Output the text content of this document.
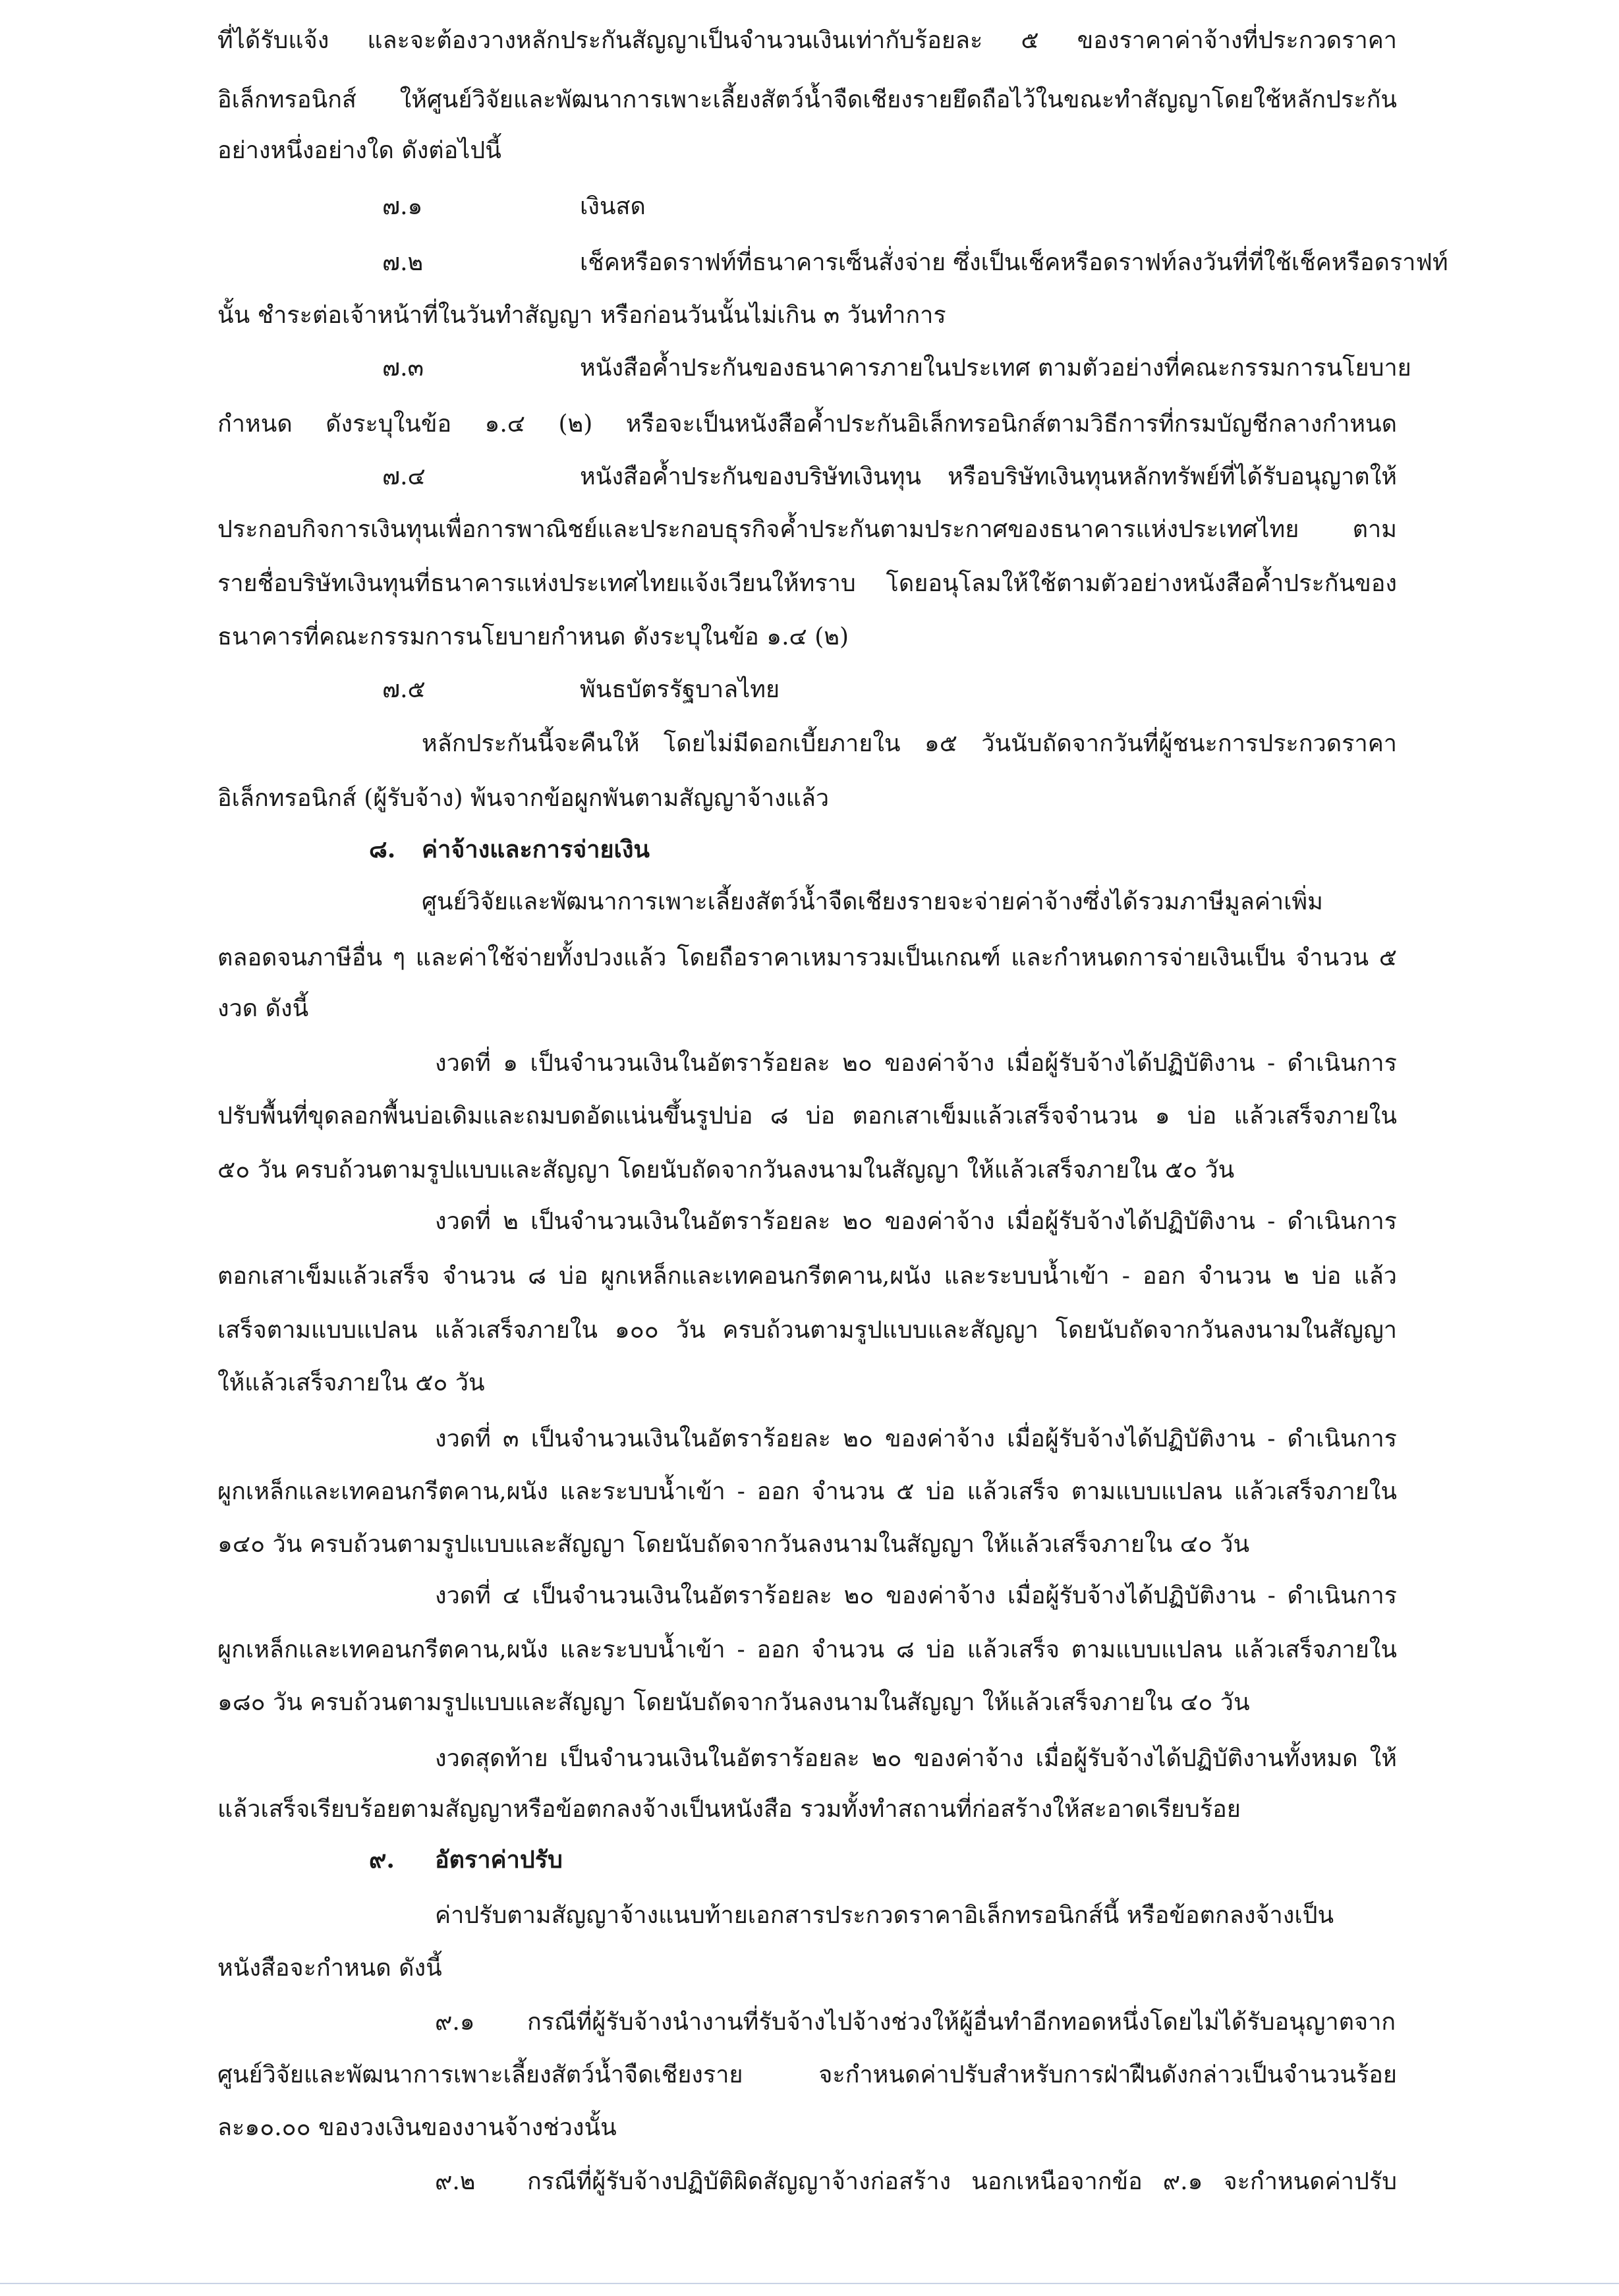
ที่ได้รับแจ้ง และจะต้องวางหลักประกันสัญญาเป็นจำนวนเงินเท่ากับร้อยละ ๕ ของราคาค่าจ้างที่ประกวดราคา
อิเล็กทรอนิกส์ ให้ศูนย์วิจัยและพัฒนาการเพาะเลี้ยงสัตว์น้ำจืดเชียงรายยึดถือไว้ในขณะทำสัญญาโดยใช้หลักประกัน
อย่างหนึ่งอย่างใด ดังต่อไปนี้
๗.๑	เงินสด
๗.๒	เช็คหรือดราฟท์ที่ธนาคารเซ็นสั่งจ่าย ซึ่งเป็นเช็คหรือดราฟท์ลงวันที่ที่ใช้เช็คหรือดราฟท์
นั้น ชำระต่อเจ้าหน้าที่ในวันทำสัญญา หรือก่อนวันนั้นไม่เกิน ๓ วันทำการ
๗.๓	หนังสือค้ำประกันของธนาคารภายในประเทศ ตามตัวอย่างที่คณะกรรมการนโยบาย
กำหนด ดังระบุในข้อ ๑.๔ (๒) หรือจะเป็นหนังสือค้ำประกันอิเล็กทรอนิกส์ตามวิธีการที่กรมบัญชีกลางกำหนด
๗.๔	หนังสือค้ำประกันของบริษัทเงินทุน หรือบริษัทเงินทุนหลักทรัพย์ที่ได้รับอนุญาตให้
ประกอบกิจการเงินทุนเพื่อการพาณิชย์และประกอบธุรกิจค้ำประกันตามประกาศของธนาคารแห่งประเทศไทย ตาม
รายชื่อบริษัทเงินทุนที่ธนาคารแห่งประเทศไทยแจ้งเวียนให้ทราบ โดยอนุโลมให้ใช้ตามตัวอย่างหนังสือค้ำประกันของ
ธนาคารที่คณะกรรมการนโยบายกำหนด ดังระบุในข้อ ๑.๔ (๒)
๗.๕	พันธบัตรรัฐบาลไทย
หลักประกันนี้จะคืนให้ โดยไม่มีดอกเบี้ยภายใน ๑๕ วันนับถัดจากวันที่ผู้ชนะการประกวดราคา
อิเล็กทรอนิกส์ (ผู้รับจ้าง) พ้นจากข้อผูกพันตามสัญญาจ้างแล้ว
๘. ค่าจ้างและการจ่ายเงิน
ศูนย์วิจัยและพัฒนาการเพาะเลี้ยงสัตว์น้ำจืดเชียงรายจะจ่ายค่าจ้างซึ่งได้รวมภาษีมูลค่าเพิ่ม
ตลอดจนภาษีอื่น ๆ และค่าใช้จ่ายทั้งปวงแล้ว โดยถือราคาเหมารวมเป็นเกณฑ์ และกำหนดการจ่ายเงินเป็น จำนวน ๕
งวด ดังนี้
งวดที่ ๑ เป็นจำนวนเงินในอัตราร้อยละ ๒๐ ของค่าจ้าง เมื่อผู้รับจ้างได้ปฏิบัติงาน - ดำเนินการ
ปรับพื้นที่ขุดลอกพื้นบ่อเดิมและถมบดอัดแน่นขึ้นรูปบ่อ ๘ บ่อ ตอกเสาเข็มแล้วเสร็จจำนวน ๑ บ่อ แล้วเสร็จภายใน
๕๐ วัน ครบถ้วนตามรูปแบบและสัญญา โดยนับถัดจากวันลงนามในสัญญา ให้แล้วเสร็จภายใน ๕๐ วัน
งวดที่ ๒ เป็นจำนวนเงินในอัตราร้อยละ ๒๐ ของค่าจ้าง เมื่อผู้รับจ้างได้ปฏิบัติงาน - ดำเนินการ
ตอกเสาเข็มแล้วเสร็จ จำนวน ๘ บ่อ ผูกเหล็กและเทคอนกรีตคาน,ผนัง และระบบน้ำเข้า - ออก จำนวน ๒ บ่อ แล้ว
เสร็จตามแบบแปลน แล้วเสร็จภายใน ๑๐๐ วัน ครบถ้วนตามรูปแบบและสัญญา โดยนับถัดจากวันลงนามในสัญญา
ให้แล้วเสร็จภายใน ๕๐ วัน
งวดที่ ๓ เป็นจำนวนเงินในอัตราร้อยละ ๒๐ ของค่าจ้าง เมื่อผู้รับจ้างได้ปฏิบัติงาน - ดำเนินการ
ผูกเหล็กและเทคอนกรีตคาน,ผนัง และระบบน้ำเข้า - ออก จำนวน ๕ บ่อ แล้วเสร็จ ตามแบบแปลน แล้วเสร็จภายใน
๑๔๐ วัน ครบถ้วนตามรูปแบบและสัญญา โดยนับถัดจากวันลงนามในสัญญา ให้แล้วเสร็จภายใน ๔๐ วัน
งวดที่ ๔ เป็นจำนวนเงินในอัตราร้อยละ ๒๐ ของค่าจ้าง เมื่อผู้รับจ้างได้ปฏิบัติงาน - ดำเนินการ
ผูกเหล็กและเทคอนกรีตคาน,ผนัง และระบบน้ำเข้า - ออก จำนวน ๘ บ่อ แล้วเสร็จ ตามแบบแปลน แล้วเสร็จภายใน
๑๘๐ วัน ครบถ้วนตามรูปแบบและสัญญา โดยนับถัดจากวันลงนามในสัญญา ให้แล้วเสร็จภายใน ๔๐ วัน
งวดสุดท้าย เป็นจำนวนเงินในอัตราร้อยละ ๒๐ ของค่าจ้าง เมื่อผู้รับจ้างได้ปฏิบัติงานทั้งหมด ให้
แล้วเสร็จเรียบร้อยตามสัญญาหรือข้อตกลงจ้างเป็นหนังสือ รวมทั้งทำสถานที่ก่อสร้างให้สะอาดเรียบร้อย
๙. อัตราค่าปรับ
ค่าปรับตามสัญญาจ้างแนบท้ายเอกสารประกวดราคาอิเล็กทรอนิกส์นี้ หรือข้อตกลงจ้างเป็น
หนังสือจะกำหนด ดังนี้
๙.๑ กรณีที่ผู้รับจ้างนำงานที่รับจ้างไปจ้างช่วงให้ผู้อื่นทำอีกทอดหนึ่งโดยไม่ได้รับอนุญาตจาก
ศูนย์วิจัยและพัฒนาการเพาะเลี้ยงสัตว์น้ำจืดเชียงราย จะกำหนดค่าปรับสำหรับการฝ่าฝืนดังกล่าวเป็นจำนวนร้อย
ละ๑๐.๐๐ ของวงเงินของงานจ้างช่วงนั้น
๙.๒ กรณีที่ผู้รับจ้างปฏิบัติผิดสัญญาจ้างก่อสร้าง นอกเหนือจากข้อ ๙.๑ จะกำหนดค่าปรับ
